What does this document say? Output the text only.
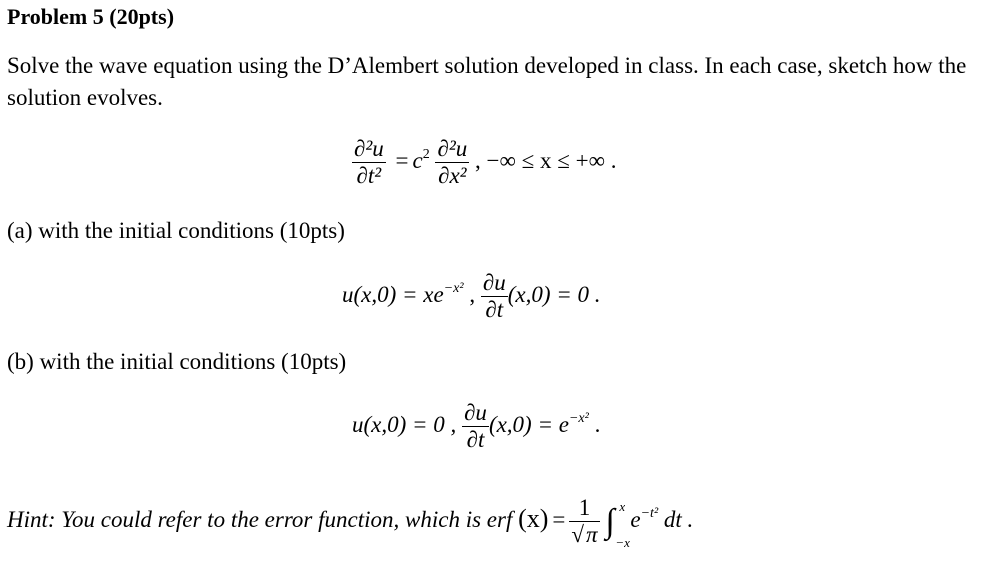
Problem 5 (20pts)
Solve the wave equation using the D’Alembert solution developed in class. In each case, sketch how the solution evolves.
$\frac{\text{∂²u}}{\text{∂t²}} = c^2 \frac{\text{∂²u}}{\text{∂x²}}$ , −∞ ≤ x ≤ +∞ .
(a) with the initial conditions (10pts)
$u(x,0) = xe^{-x^2}$ , $\frac{\partial u}{\partial t} (x,0) = 0$ .
(b) with the initial conditions (10pts)
u(x,0) = 0 , $\frac{\partial u}{\partial t} (x,0) = e^{-x^2}$ .
Hint: You could refer to the error function, which is erf $(x) = \frac{1}{√\pi}$ ∫ x
−x
$e^{-t^2}$ dt .
